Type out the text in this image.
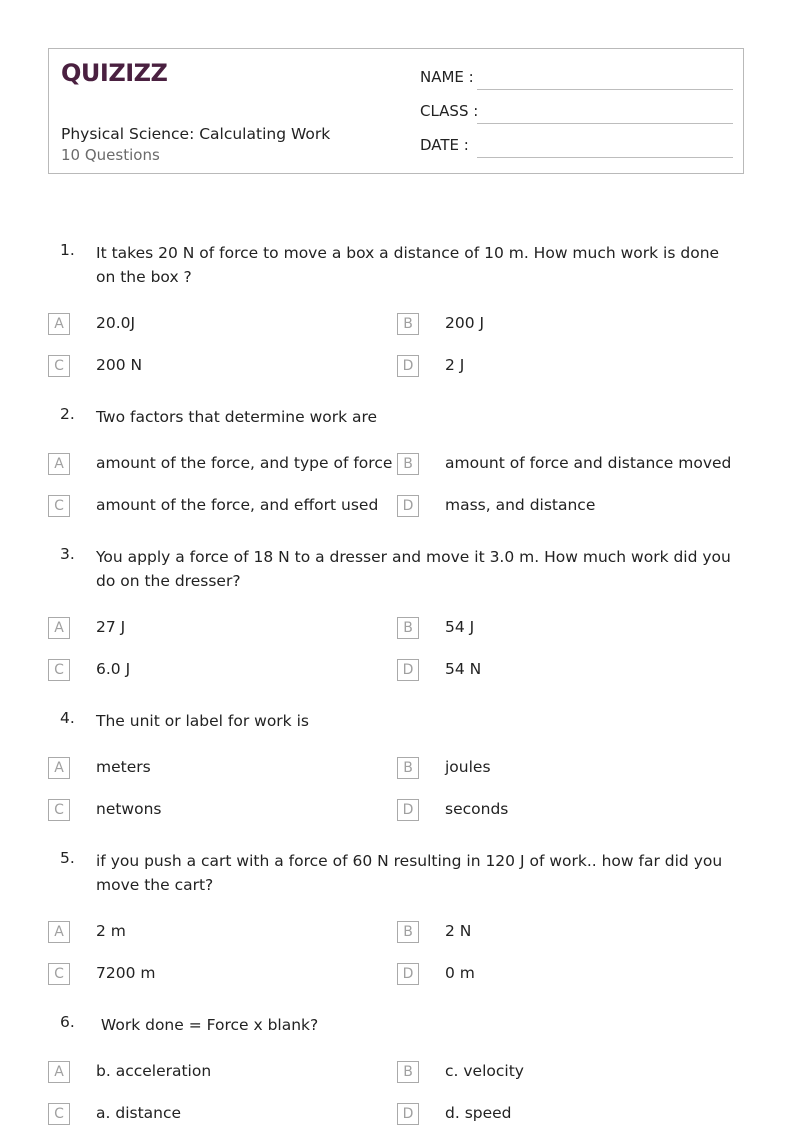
QUIZIZZ
Physical Science: Calculating Work
10 Questions
NAME :
CLASS :
DATE :
1. It takes 20 N of force to move a box a distance of 10 m. How much work is done on the box ?
A	20.0J	B	200 J
C	200 N	D	2 J
2. Two factors that determine work are
A	amount of the force, and type of force B	amount of force and distance moved
C	amount of the force, and effort used	D	mass, and distance
3. You apply a force of 18 N to a dresser and move it 3.0 m. How much work did you do on the dresser?
A	27 J	B	54 J
C	6.0 J	D	54 N
4. The unit or label for work is
A	meters	B	joules
C	netwons	D	seconds
5. if you push a cart with a force of 60 N resulting in 120 J of work.. how far did you move the cart?
A	2 m	B	2 N
C	7200 m	D	0 m
6. Work done = Force x blank?
A	b. acceleration	B	c. velocity
C	a. distance	D	d. speed
